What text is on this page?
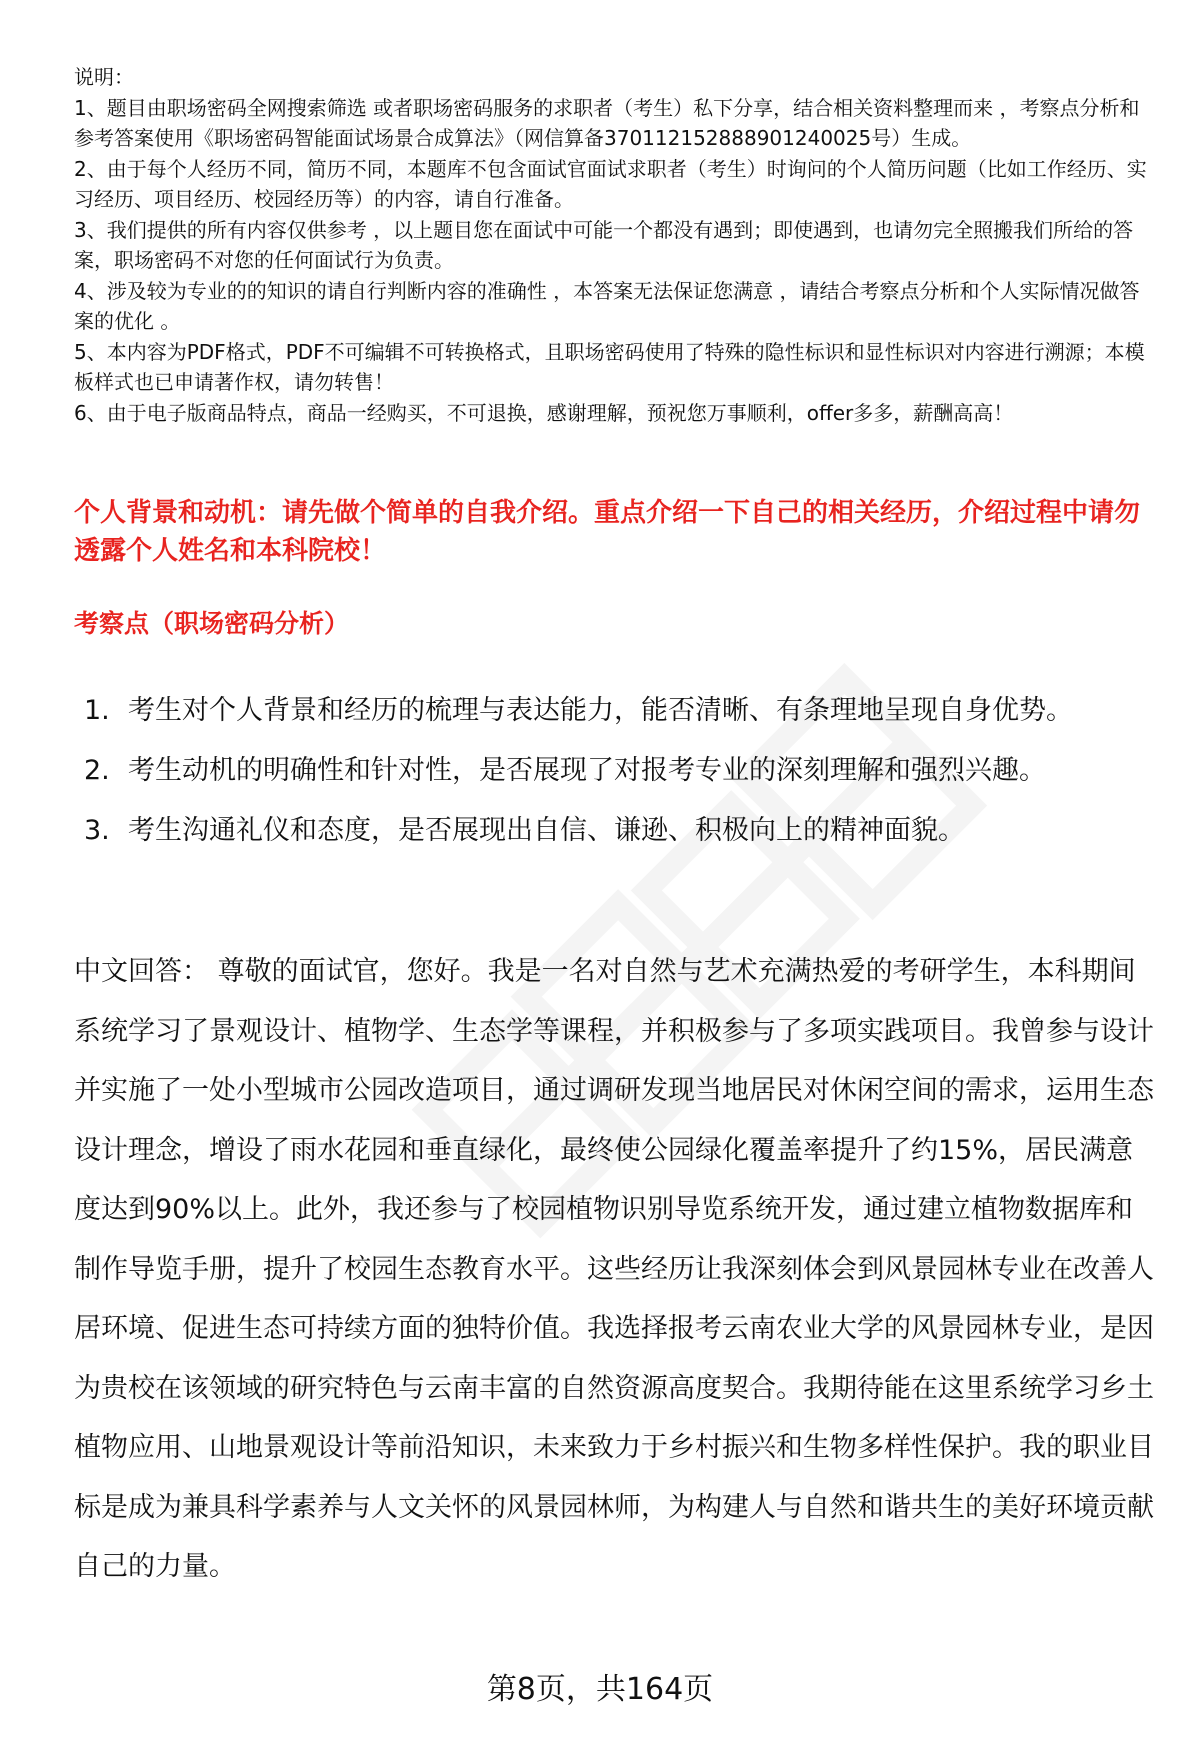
说明：

1、题目由职场密码全网搜索筛选 或者职场密码服务的求职者（考生）私下分享，结合相关资料整理而来 ，考察点分析和参考答案使用《职场密码智能面试场景合成算法》（网信算备370112152888901240025号）生成。

2、由于每个人经历不同，简历不同，本题库不包含面试官面试求职者（考生）时询问的个人简历问题（比如工作经历、实习经历、项目经历、校园经历等）的内容，请自行准备。

3、我们提供的所有内容仅供参考 ，以上题目您在面试中可能一个都没有遇到；即使遇到，也请勿完全照搬我们所给的答案，职场密码不对您的任何面试行为负责。

4、涉及较为专业的的知识的请自行判断内容的准确性 ，本答案无法保证您满意 ，请结合考察点分析和个人实际情况做答案的优化 。

5、本内容为PDF格式，PDF不可编辑不可转换格式，且职场密码使用了特殊的隐性标识和显性标识对内容进行溯源；本模板样式也已申请著作权，请勿转售！

6、由于电子版商品特点，商品一经购买，不可退换，感谢理解，预祝您万事顺利，offer多多，薪酬高高！

个人背景和动机：请先做个简单的自我介绍。重点介绍一下自己的相关经历，介绍过程中请勿透露个人姓名和本科院校！
考察点（职场密码分析）
1. 考生对个人背景和经历的梳理与表达能力，能否清晰、有条理地呈现自身优势。
2. 考生动机的明确性和针对性，是否展现了对报考专业的深刻理解和强烈兴趣。
3. 考生沟通礼仪和态度，是否展现出自信、谦逊、积极向上的精神面貌。

中文回答： 尊敬的面试官，您好。我是一名对自然与艺术充满热爱的考研学生，本科期间系统学习了景观设计、植物学、生态学等课程，并积极参与了多项实践项目。我曾参与设计并实施了一处小型城市公园改造项目，通过调研发现当地居民对休闲空间的需求，运用生态设计理念，增设了雨水花园和垂直绿化，最终使公园绿化覆盖率提升了约15%，居民满意度达到90%以上。此外，我还参与了校园植物识别导览系统开发，通过建立植物数据库和制作导览手册，提升了校园生态教育水平。这些经历让我深刻体会到风景园林专业在改善人居环境、促进生态可持续方面的独特价值。我选择报考云南农业大学的风景园林专业，是因为贵校在该领域的研究特色与云南丰富的自然资源高度契合。我期待能在这里系统学习乡土植物应用、山地景观设计等前沿知识，未来致力于乡村振兴和生物多样性保护。我的职业目标是成为兼具科学素养与人文关怀的风景园林师，为构建人与自然和谐共生的美好环境贡献自己的力量。

第8页，共164页
